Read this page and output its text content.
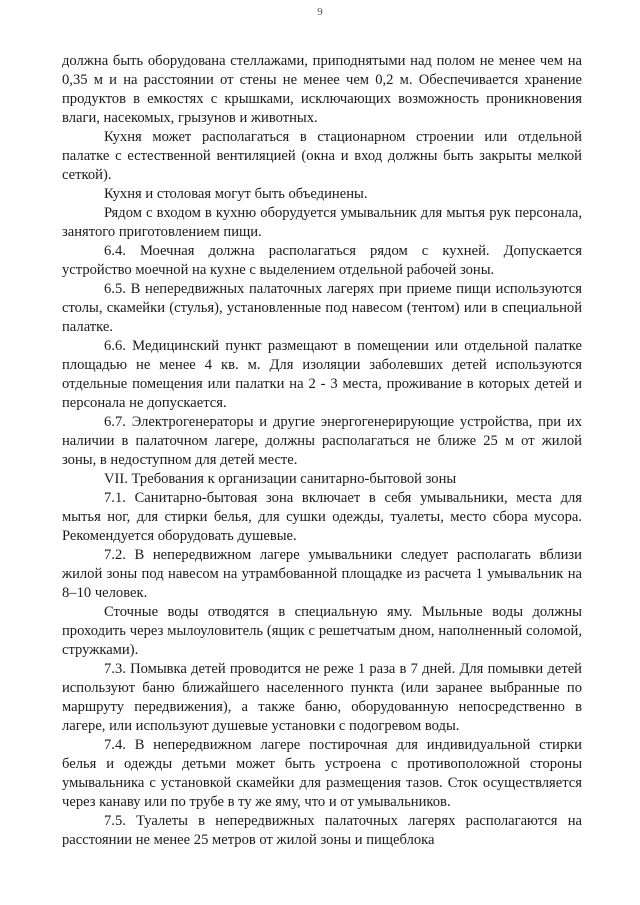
9

должна быть оборудована стеллажами, приподнятыми над полом не менее чем на 0,35 м и на расстоянии от стены не менее чем 0,2 м. Обеспечивается хранение продуктов в емкостях с крышками, исключающих возможность проникновения влаги, насекомых, грызунов и животных.

Кухня может располагаться в стационарном строении или отдельной палатке с естественной вентиляцией (окна и вход должны быть закрыты мелкой сеткой).

Кухня и столовая могут быть объединены.

Рядом с входом в кухню оборудуется умывальник для мытья рук персонала, занятого приготовлением пищи.

6.4. Моечная должна располагаться рядом с кухней. Допускается устройство моечной на кухне с выделением отдельной рабочей зоны.

6.5. В непередвижных палаточных лагерях при приеме пищи используются столы, скамейки (стулья), установленные под навесом (тентом) или в специальной палатке.

6.6. Медицинский пункт размещают в помещении или отдельной палатке площадью не менее 4 кв. м. Для изоляции заболевших детей используются отдельные помещения или палатки на 2 - 3 места, проживание в которых детей и персонала не допускается.

6.7. Электрогенераторы и другие энергогенерирующие устройства, при их наличии в палаточном лагере, должны располагаться не ближе 25 м от жилой зоны, в недоступном для детей месте.

VII. Требования к организации санитарно-бытовой зоны

7.1. Санитарно-бытовая зона включает в себя умывальники, места для мытья ног, для стирки белья, для сушки одежды, туалеты, место сбора мусора. Рекомендуется оборудовать душевые.

7.2. В непередвижном лагере умывальники следует располагать вблизи жилой зоны под навесом на утрамбованной площадке из расчета 1 умывальник на 8–10 человек.

Сточные воды отводятся в специальную яму. Мыльные воды должны проходить через мылоуловитель (ящик с решетчатым дном, наполненный соломой, стружками).

7.3. Помывка детей проводится не реже 1 раза в 7 дней. Для помывки детей используют баню ближайшего населенного пункта (или заранее выбранные по маршруту передвижения), а также баню, оборудованную непосредственно в лагере, или используют душевые установки с подогревом воды.

7.4. В непередвижном лагере постирочная для индивидуальной стирки белья и одежды детьми может быть устроена с противоположной стороны умывальника с установкой скамейки для размещения тазов. Сток осуществляется через канаву или по трубе в ту же яму, что и от умывальников.

7.5. Туалеты в непередвижных палаточных лагерях располагаются на расстоянии не менее 25 метров от жилой зоны и пищеблока
